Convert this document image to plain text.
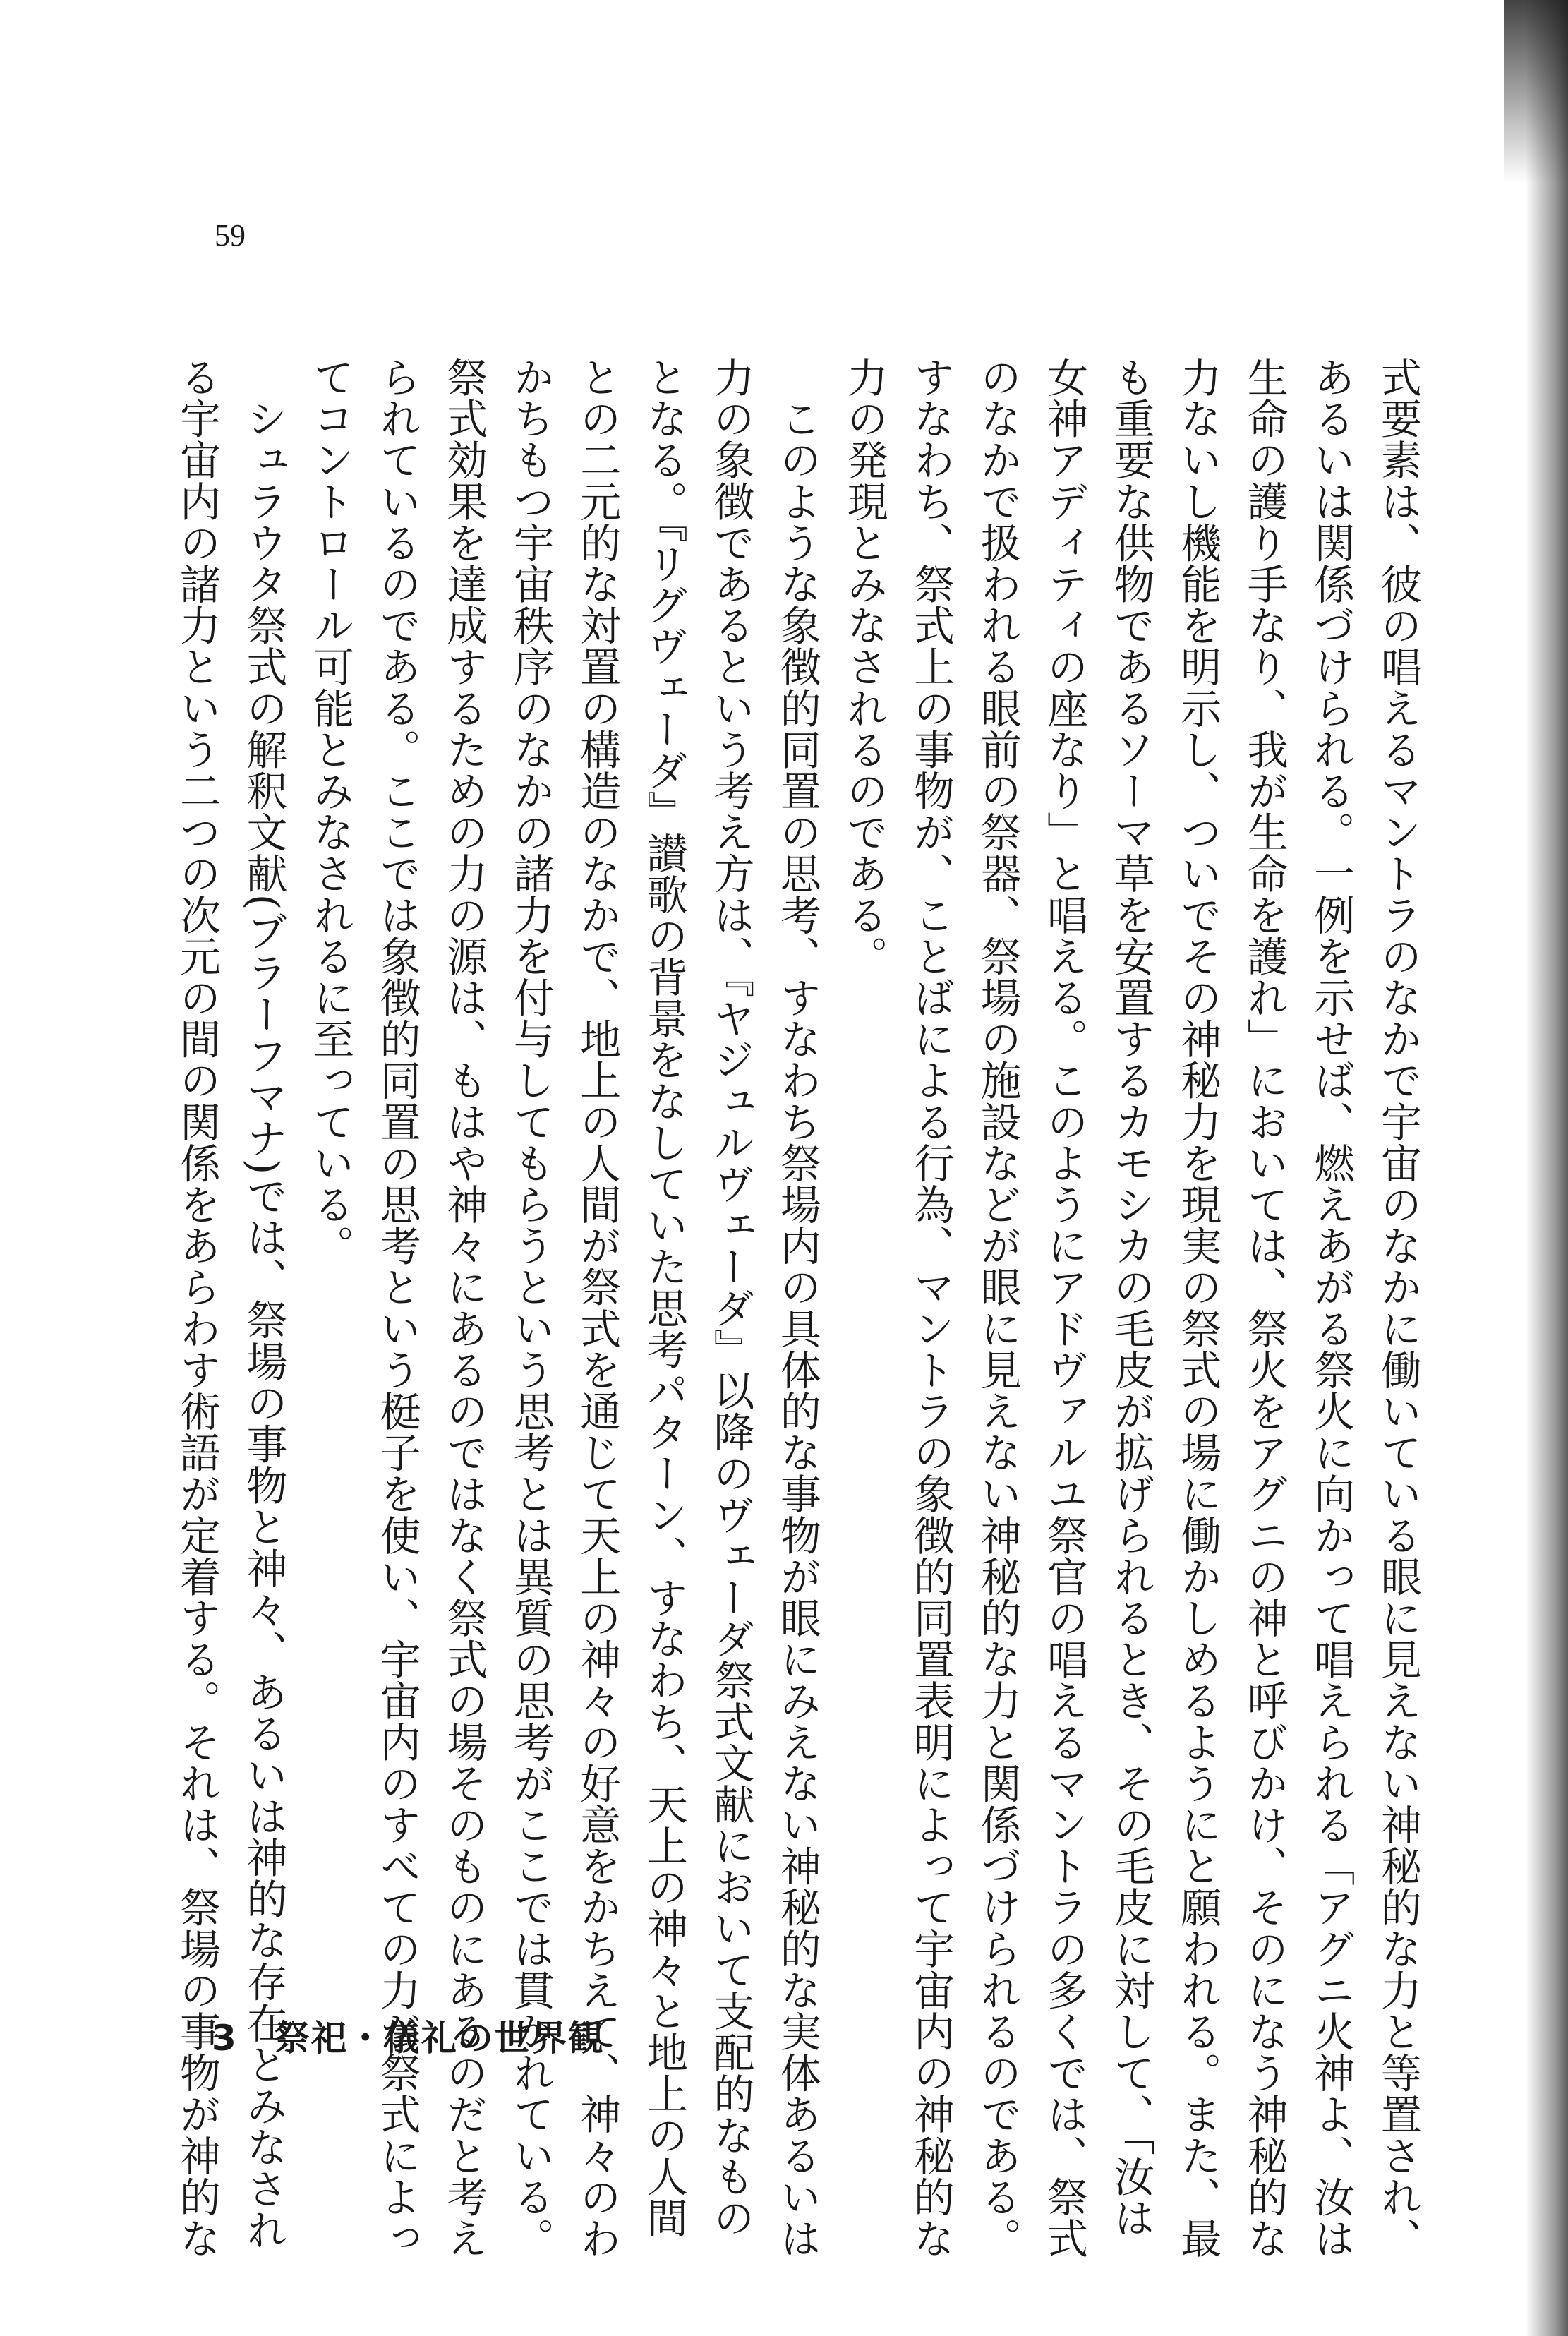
59
式要素は、彼の唱えるマントラのなかで宇宙のなかに働いている眼に見えない神秘的な力と等置され、
あるいは関係づけられる。一例を示せば、燃えあがる祭火に向かって唱えられる「アグニ火神よ、汝は
生命の護り手なり、我が生命を護れ」においては、祭火をアグニの神と呼びかけ、そのになう神秘的な
力ないし機能を明示し、ついでその神秘力を現実の祭式の場に働かしめるようにと願われる。また、最
も重要な供物であるソーマ草を安置するカモシカの毛皮が拡げられるとき、その毛皮に対して、「汝は
女神アディティの座なり」と唱える。このようにアドヴァルユ祭官の唱えるマントラの多くでは、祭式
のなかで扱われる眼前の祭器、祭場の施設などが眼に見えない神秘的な力と関係づけられるのである。
すなわち、祭式上の事物が、ことばによる行為、マントラの象徴的同置表明によって宇宙内の神秘的な
力の発現とみなされるのである。
　このような象徴的同置の思考、すなわち祭場内の具体的な事物が眼にみえない神秘的な実体あるいは
力の象徴であるという考え方は、『ヤジュルヴェーダ』以降のヴェーダ祭式文献において支配的なもの
となる。『リグヴェーダ』讃歌の背景をなしていた思考パターン、すなわち、天上の神々と地上の人間
との二元的な対置の構造のなかで、地上の人間が祭式を通じて天上の神々の好意をかちえて、神々のわ
かちもつ宇宙秩序のなかの諸力を付与してもらうという思考とは異質の思考がここでは貫かれている。
祭式効果を達成するための力の源は、もはや神々にあるのではなく祭式の場そのものにあるのだと考え
られているのである。ここでは象徴的同置の思考という梃子を使い、宇宙内のすべての力が祭式によっ
てコントロール可能とみなされるに至っている。
　シュラウタ祭式の解釈文献(ブラーフマナ)では、祭場の事物と神々、あるいは神的な存在とみなされ
る宇宙内の諸力という二つの次元の間の関係をあらわす術語が定着する。それは、祭場の事物が神的な
3　祭祀・儀礼の世界観
